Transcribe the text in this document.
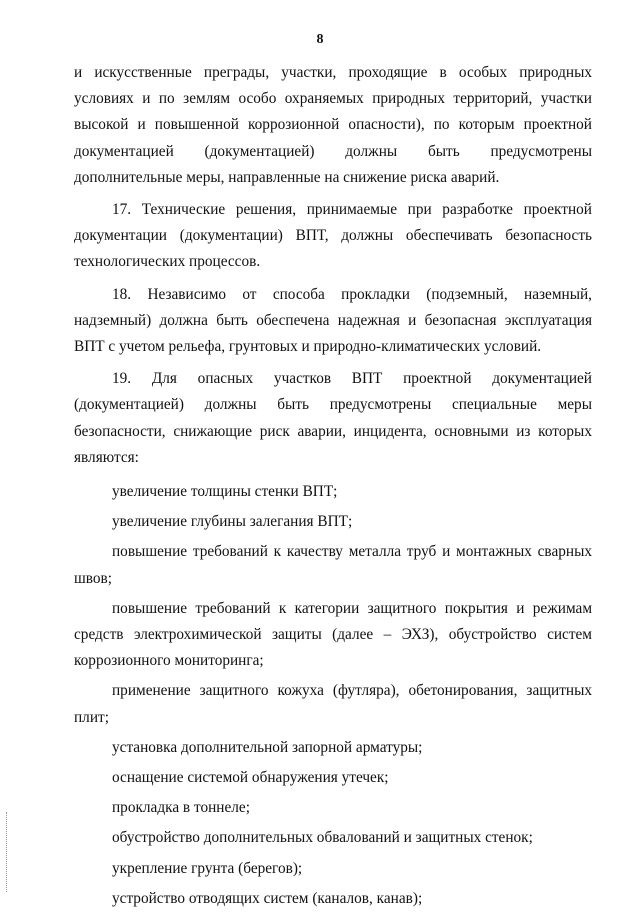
8

и искусственные преграды, участки, проходящие в особых природных условиях и по землям особо охраняемых природных территорий, участки высокой и повышенной коррозионной опасности), по которым проектной документацией (документацией) должны быть предусмотрены дополнительные меры, направленные на снижение риска аварий.

17. Технические решения, принимаемые при разработке проектной документации (документации) ВПТ, должны обеспечивать безопасность технологических процессов.

18. Независимо от способа прокладки (подземный, наземный, надземный) должна быть обеспечена надежная и безопасная эксплуатация ВПТ с учетом рельефа, грунтовых и природно-климатических условий.

19. Для опасных участков ВПТ проектной документацией (документацией) должны быть предусмотрены специальные меры безопасности, снижающие риск аварии, инцидента, основными из которых являются:

увеличение толщины стенки ВПТ;

увеличение глубины залегания ВПТ;

повышение требований к качеству металла труб и монтажных сварных швов;

повышение требований к категории защитного покрытия и режимам средств электрохимической защиты (далее – ЭХЗ), обустройство систем коррозионного мониторинга;

применение защитного кожуха (футляра), обетонирования, защитных плит;

установка дополнительной запорной арматуры;

оснащение системой обнаружения утечек;

прокладка в тоннеле;

обустройство дополнительных обвалований и защитных стенок;

укрепление грунта (берегов);

устройство отводящих систем (каналов, канав);
